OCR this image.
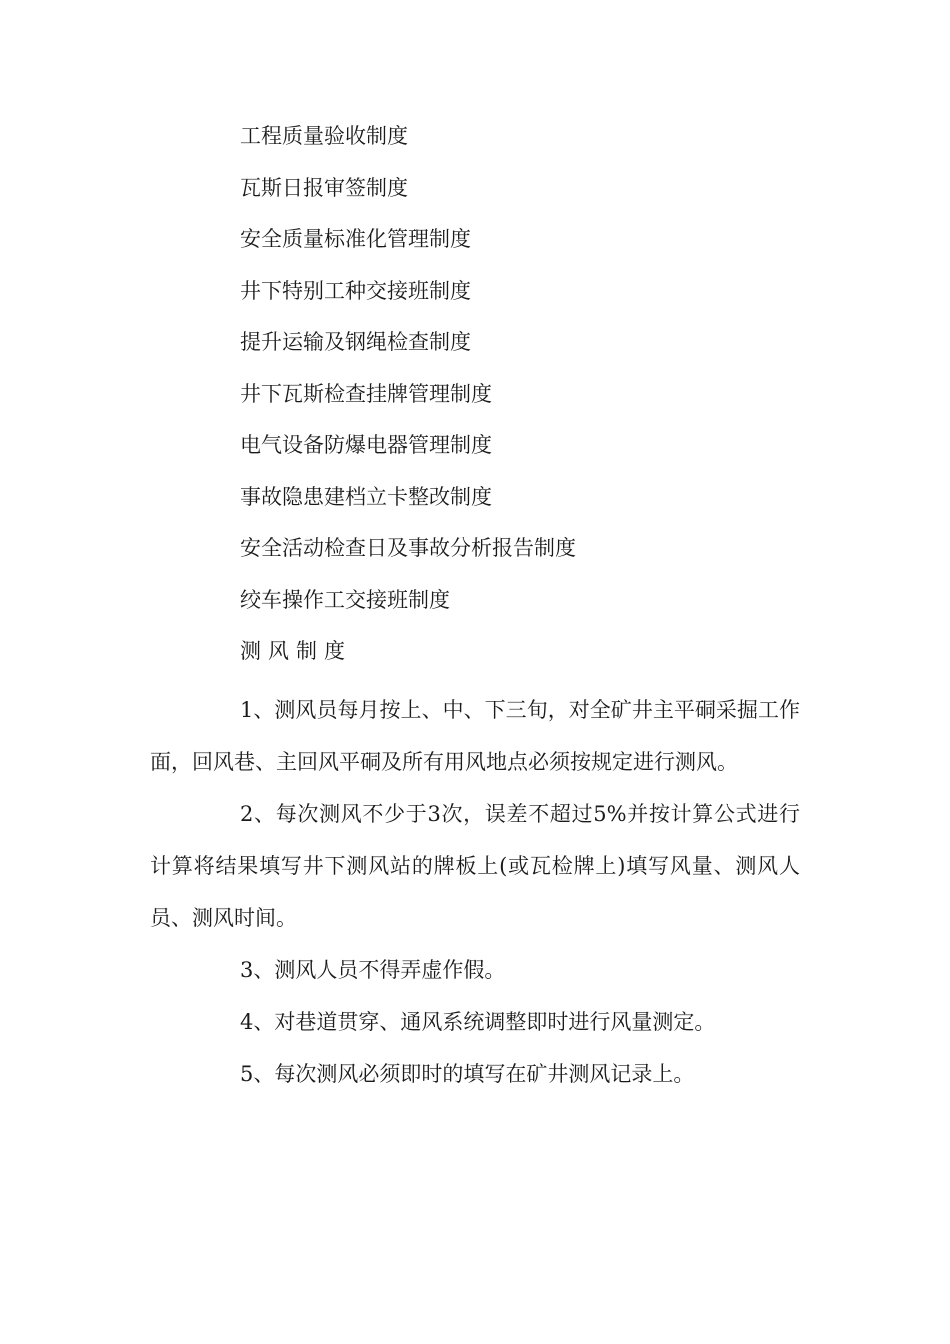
工程质量验收制度
瓦斯日报审签制度
安全质量标准化管理制度
井下特别工种交接班制度
提升运输及钢绳检查制度
井下瓦斯检查挂牌管理制度
电气设备防爆电器管理制度
事故隐患建档立卡整改制度
安全活动检查日及事故分析报告制度
绞车操作工交接班制度
测风制度

1、测风员每月按上、中、下三旬，对全矿井主平硐采掘工作面，回风巷、主回风平硐及所有用风地点必须按规定进行测风。

2、每次测风不少于3次，误差不超过5%并按计算公式进行计算将结果填写井下测风站的牌板上(或瓦检牌上)填写风量、测风人员、测风时间。

3、测风人员不得弄虚作假。

4、对巷道贯穿、通风系统调整即时进行风量测定。

5、每次测风必须即时的填写在矿井测风记录上。
